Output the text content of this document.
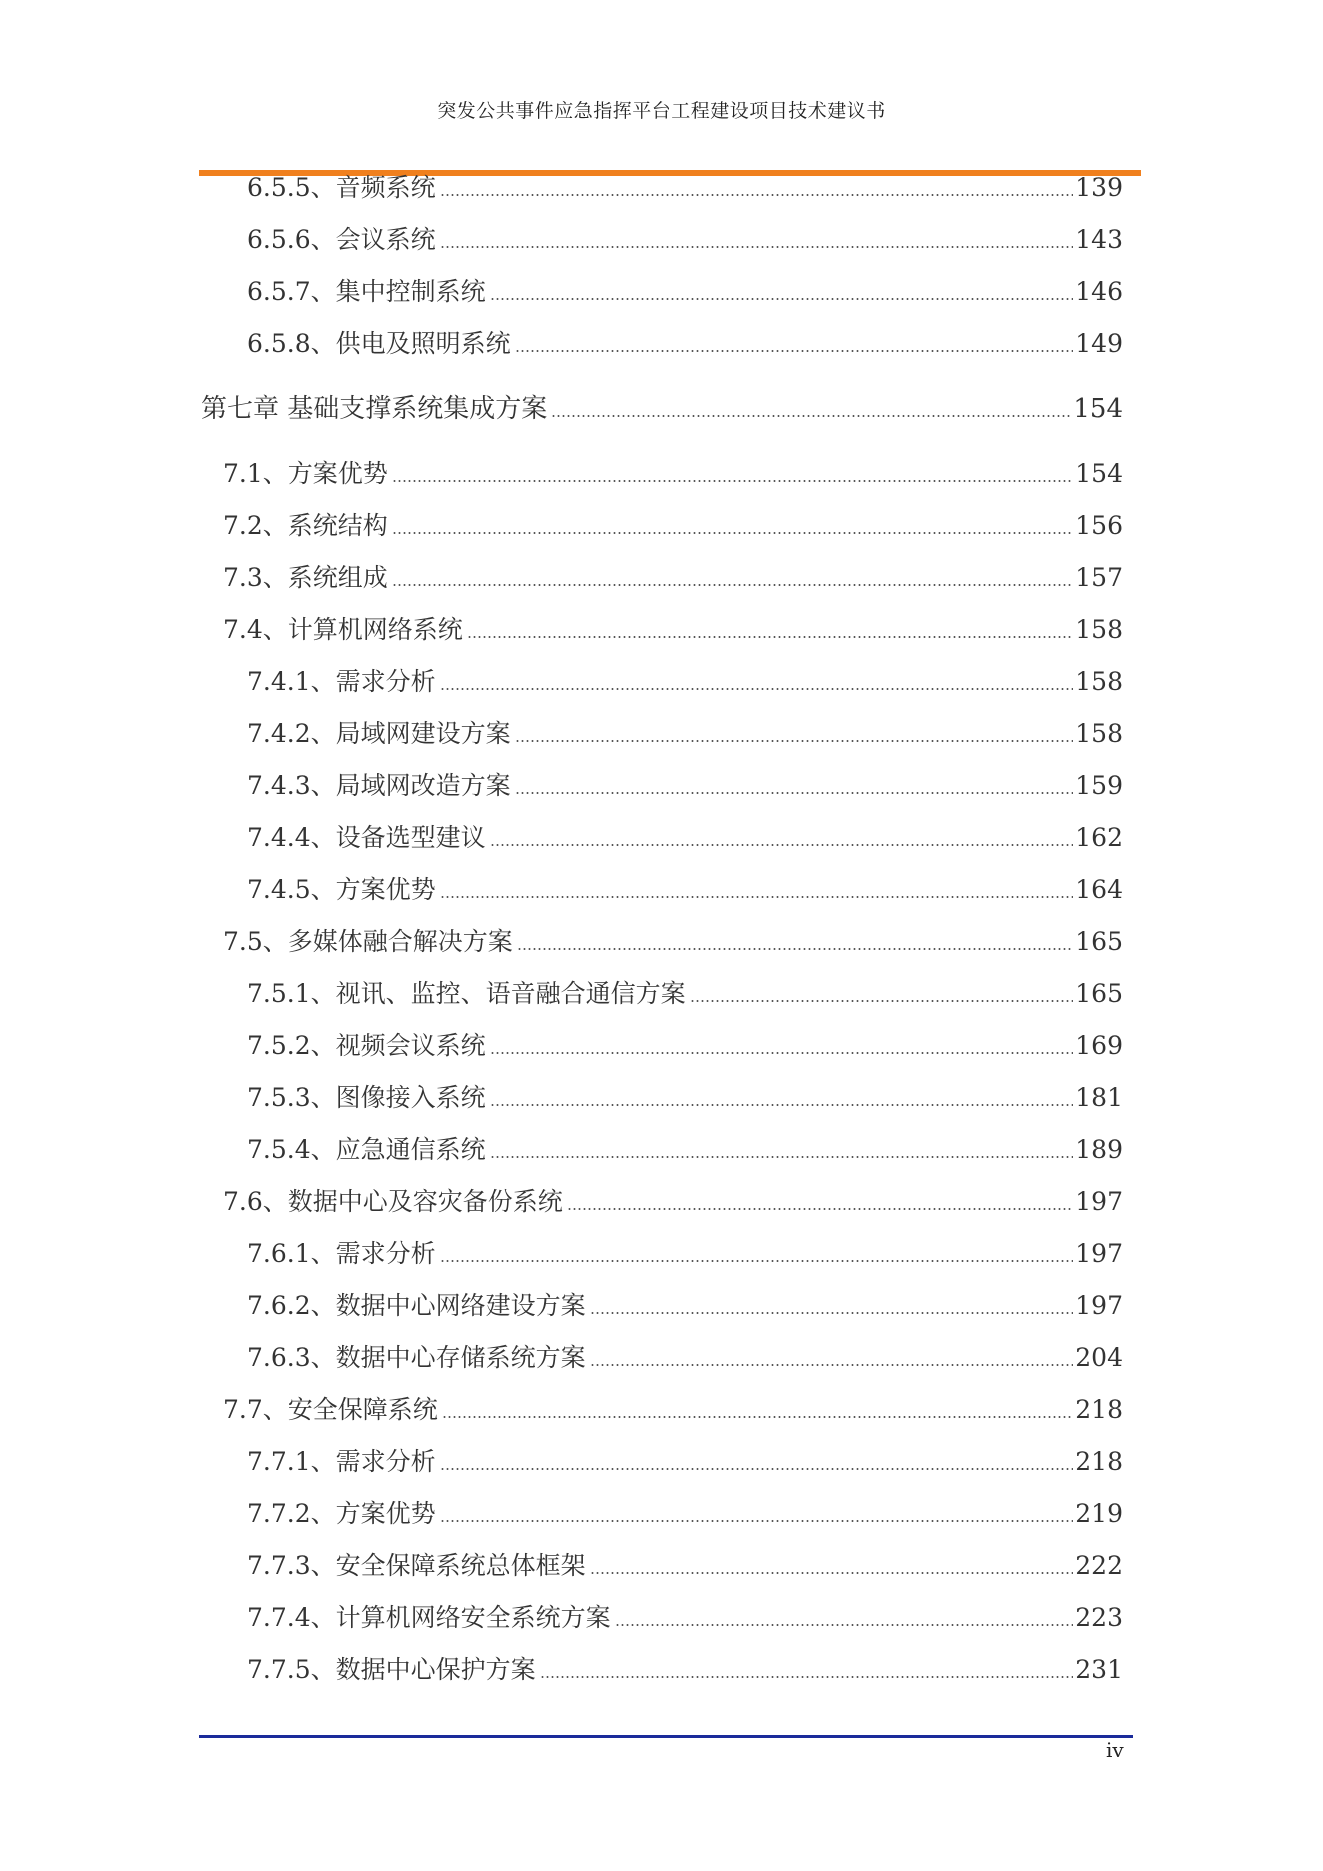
突发公共事件应急指挥平台工程建设项目技术建议书
6.5.5、音频系统	139
6.5.6、会议系统	143
6.5.7、集中控制系统	146
6.5.8、供电及照明系统	149
第七章 基础支撑系统集成方案	154
7.1、方案优势	154
7.2、系统结构	156
7.3、系统组成	157
7.4、计算机网络系统	158
7.4.1、需求分析	158
7.4.2、局域网建设方案	158
7.4.3、局域网改造方案	159
7.4.4、设备选型建议	162
7.4.5、方案优势	164
7.5、多媒体融合解决方案	165
7.5.1、视讯、监控、语音融合通信方案	165
7.5.2、视频会议系统	169
7.5.3、图像接入系统	181
7.5.4、应急通信系统	189
7.6、数据中心及容灾备份系统	197
7.6.1、需求分析	197
7.6.2、数据中心网络建设方案	197
7.6.3、数据中心存储系统方案	204
7.7、安全保障系统	218
7.7.1、需求分析	218
7.7.2、方案优势	219
7.7.3、安全保障系统总体框架	222
7.7.4、计算机网络安全系统方案	223
7.7.5、数据中心保护方案	231
iv
